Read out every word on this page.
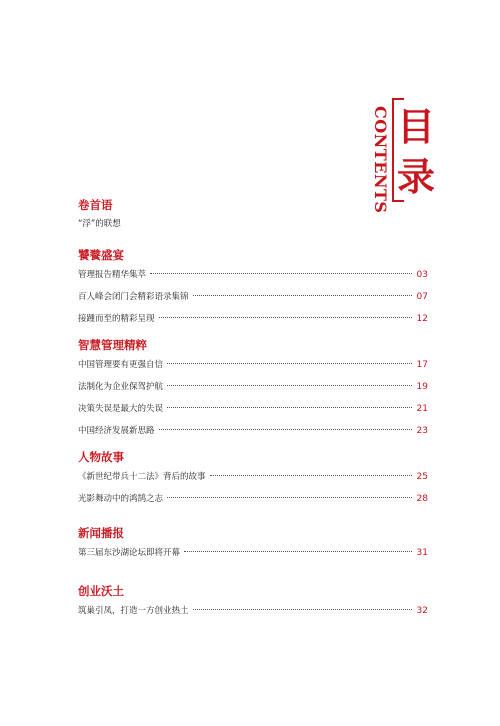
CONTENTS 目录
卷首语
“浮”的联想
饕餮盛宴
管理报告精华集萃	03
百人峰会闭门会精彩语录集锦	07
接踵而至的精彩呈现	12
智慧管理精粹
中国管理要有更强自信	17
法制化为企业保驾护航	19
决策失误是最大的失误	21
中国经济发展新思路	23
人物故事
《新世纪带兵十二法》背后的故事	25
光影舞动中的鸿鹄之志	28
新闻播报
第三届东沙湖论坛即将开幕	31
创业沃土
筑巢引凤，打造一方创业热土	32
